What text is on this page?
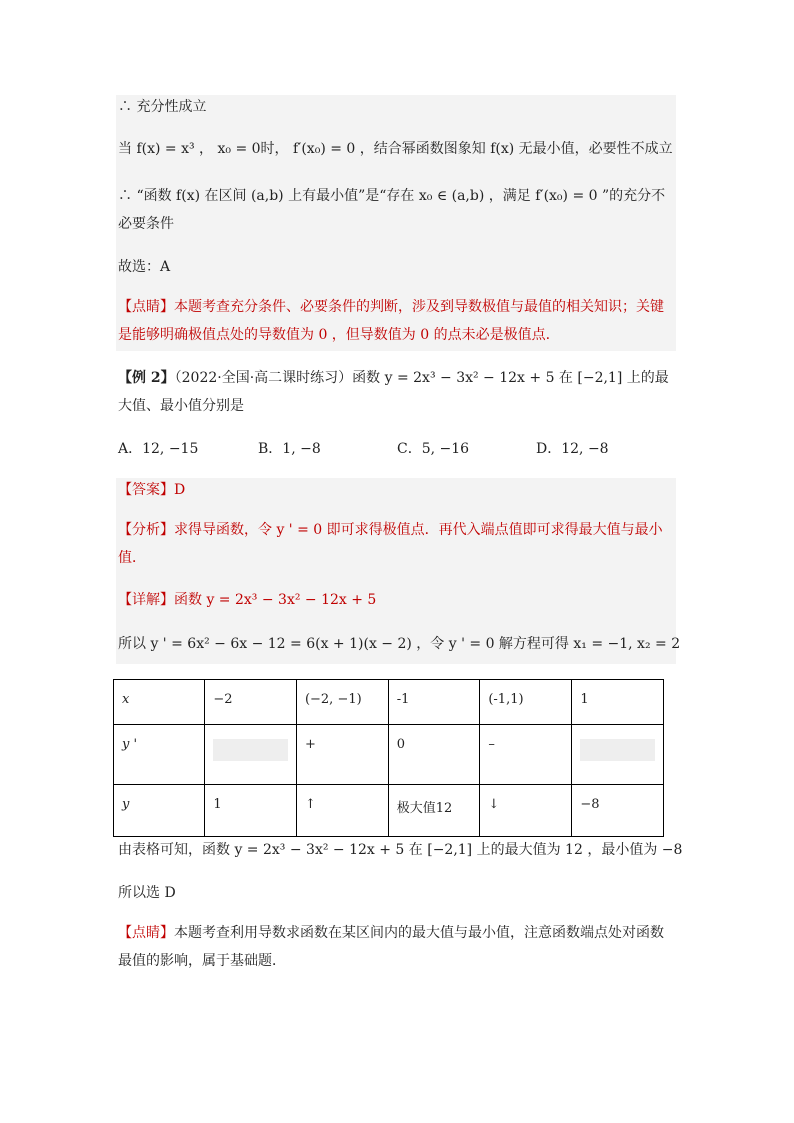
∴ 充分性成立
当 f(x) = x³ ， x₀ = 0时， f′(x₀) = 0 ，结合幂函数图象知 f(x) 无最小值，必要性不成立
∴ “函数 f(x) 在区间 (a,b) 上有最小值”是“存在 x₀ ∈ (a,b) ，满足 f′(x₀) = 0 ”的充分不必要条件
故选：A
【点睛】本题考查充分条件、必要条件的判断，涉及到导数极值与最值的相关知识；关键是能够明确极值点处的导数值为 0 ，但导数值为 0 的点未必是极值点.
【例 2】（2022·全国·高二课时练习）函数 y = 2x³ − 3x² − 12x + 5 在 [−2,1] 上的最大值、最小值分别是
A．12, −15	B．1, −8	C．5, −16	D．12, −8
【答案】D
【分析】求得导函数，令 y ' = 0 即可求得极值点．再代入端点值即可求得最大值与最小值．
【详解】函数 y = 2x³ − 3x² − 12x + 5
所以 y ' = 6x² − 6x − 12 = 6(x + 1)(x − 2) ，令 y ' = 0 解方程可得 x₁ = −1, x₂ = 2
x	−2	(−2, −1)	-1	(-1,1)	1
y '		+	0	–	

y	1	↑	极大值12	↓	−8
由表格可知，函数 y = 2x³ − 3x² − 12x + 5 在 [−2,1] 上的最大值为 12 ，最小值为 −8
所以选 D
【点睛】本题考查利用导数求函数在某区间内的最大值与最小值，注意函数端点处对函数最值的影响，属于基础题．
